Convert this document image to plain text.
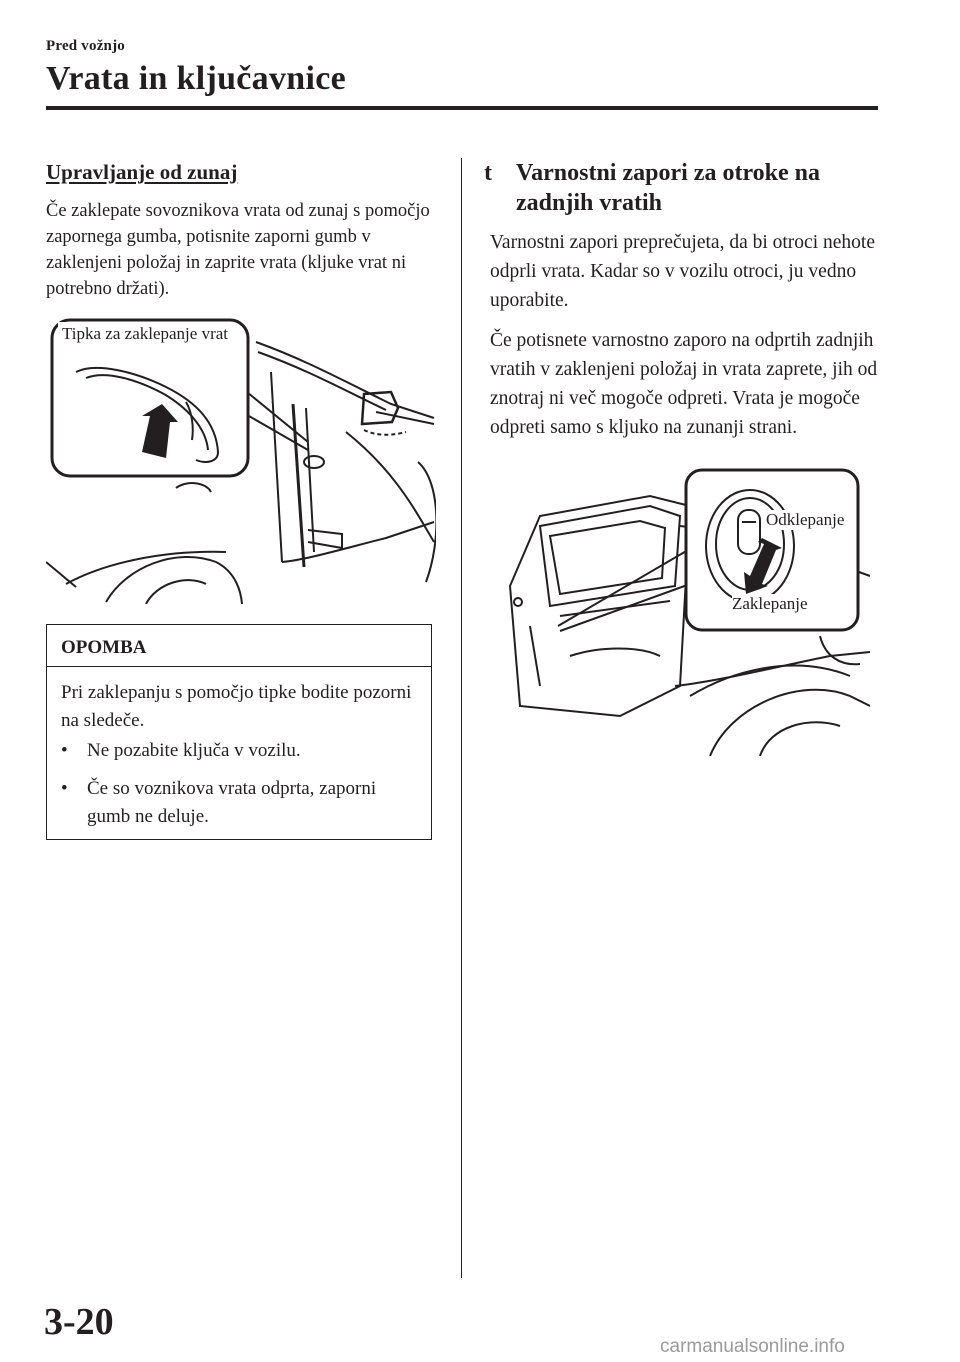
Pred vožnjo
Vrata in ključavnice
Upravljanje od zunaj
Če zaklepate sovoznikova vrata od zunaj s pomočjo zapornega gumba, potisnite zaporni gumb v zaklenjeni položaj in zaprite vrata (kljuke vrat ni potrebno držati).
Tipka za zaklepanje vrat
OPOMBA
Pri zaklepanju s pomočjo tipke bodite pozorni na sledeče.
• Ne pozabite ključa v vozilu.
• Če so voznikova vrata odprta, zaporni gumb ne deluje.
t Varnostni zapori za otroke na zadnjih vratih
Varnostni zapori preprečujeta, da bi otroci nehote odprli vrata. Kadar so v vozilu otroci, ju vedno uporabite.
Če potisnete varnostno zaporo na odprtih zadnjih vratih v zaklenjeni položaj in vrata zaprete, jih od znotraj ni več mogoče odpreti. Vrata je mogoče odpreti samo s kljuko na zunanji strani.
Odklepanje
Zaklepanje
3-20
carmanualsonline.info
